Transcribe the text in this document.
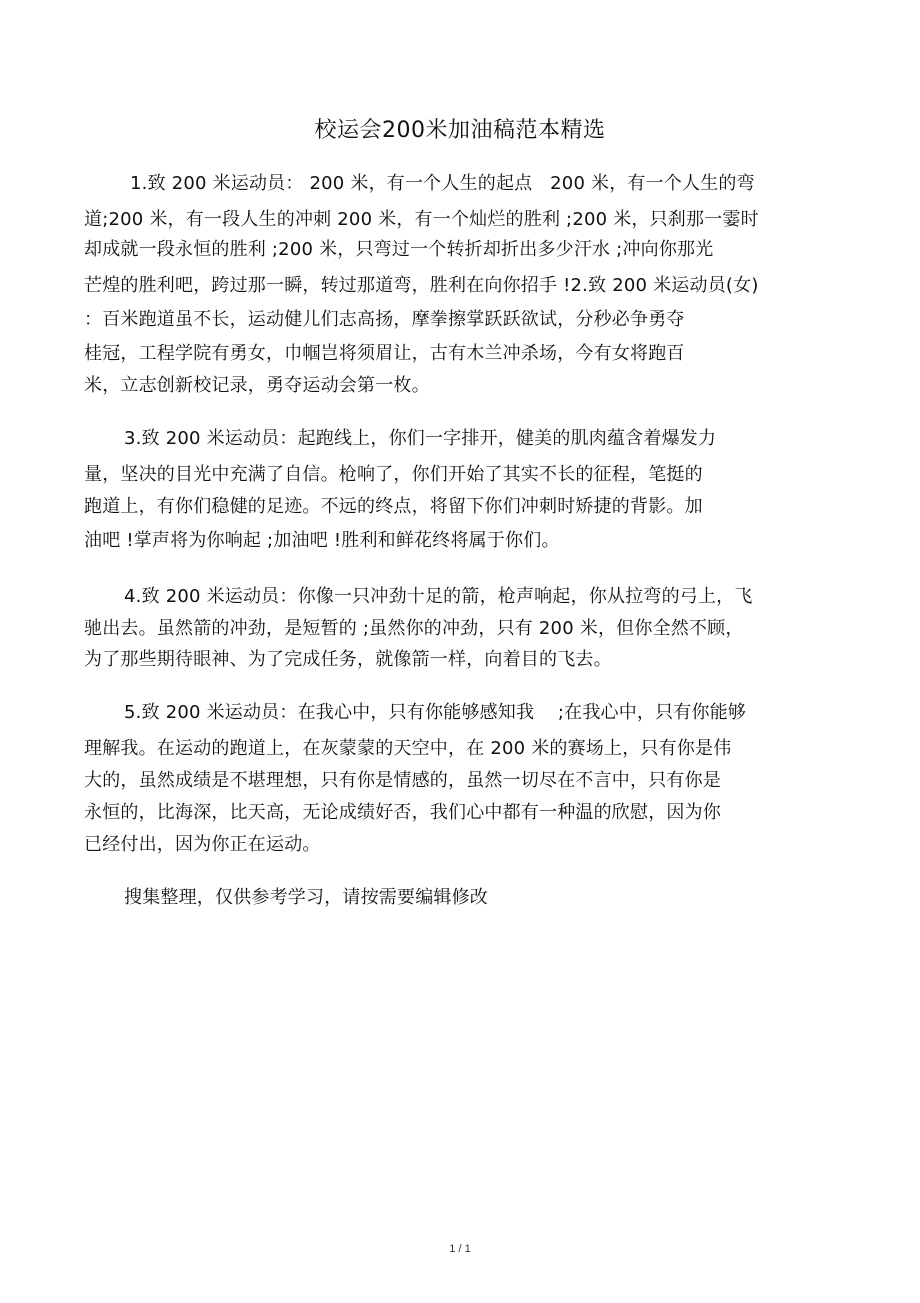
校运会200米加油稿范本精选
1.致 200 米运动员： 200 米，有一个人生的起点   200 米，有一个人生的弯
道;200 米，有一段人生的冲刺 200 米，有一个灿烂的胜利 ;200 米，只刹那一霎时
却成就一段永恒的胜利 ;200 米，只弯过一个转折却折出多少汗水 ;冲向你那光
芒煌的胜利吧，跨过那一瞬，转过那道弯，胜利在向你招手 !2.致 200 米运动员(女)
：百米跑道虽不长，运动健儿们志高扬，摩拳擦掌跃跃欲试，分秒必争勇夺
桂冠，工程学院有勇女，巾帼岂将须眉让，古有木兰冲杀场，今有女将跑百
米，立志创新校记录，勇夺运动会第一枚。
3.致 200 米运动员：起跑线上，你们一字排开，健美的肌肉蕴含着爆发力
量，坚决的目光中充满了自信。枪响了，你们开始了其实不长的征程，笔挺的
跑道上，有你们稳健的足迹。不远的终点，将留下你们冲刺时矫捷的背影。加
油吧 !掌声将为你响起 ;加油吧 !胜利和鲜花终将属于你们。
4.致 200 米运动员：你像一只冲劲十足的箭，枪声响起，你从拉弯的弓上，飞
驰出去。虽然箭的冲劲，是短暂的 ;虽然你的冲劲，只有 200 米，但你全然不顾，
为了那些期待眼神、为了完成任务，就像箭一样，向着目的飞去。
5.致 200 米运动员：在我心中，只有你能够感知我    ;在我心中，只有你能够
理解我。在运动的跑道上，在灰蒙蒙的天空中，在 200 米的赛场上，只有你是伟
大的，虽然成绩是不堪理想，只有你是情感的，虽然一切尽在不言中，只有你是
永恒的，比海深，比天高，无论成绩好否，我们心中都有一种温的欣慰，因为你
已经付出，因为你正在运动。
搜集整理，仅供参考学习，请按需要编辑修改
1 / 1
